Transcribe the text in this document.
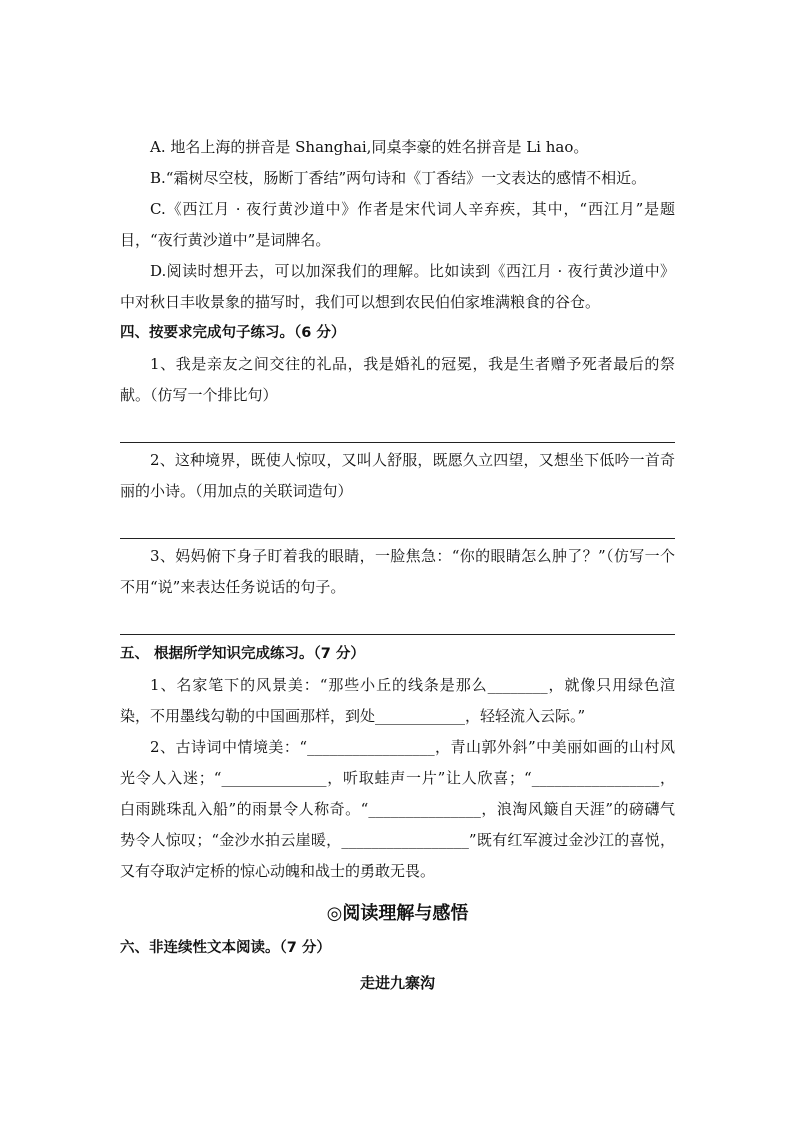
A. 地名上海的拼音是 Shanghai,同桌李豪的姓名拼音是 Li hao。

B.“霜树尽空枝，肠断丁香结”两句诗和《丁香结》一文表达的感情不相近。

C.《西江月 · 夜行黄沙道中》作者是宋代词人辛弃疾，其中，“西江月”是题目，“夜行黄沙道中”是词牌名。

D.阅读时想开去，可以加深我们的理解。比如读到《西江月 · 夜行黄沙道中》中对秋日丰收景象的描写时，我们可以想到农民伯伯家堆满粮食的谷仓。

四、按要求完成句子练习。（6 分）

1、我是亲友之间交往的礼品，我是婚礼的冠冕，我是生者赠予死者最后的祭献。（仿写一个排比句）

2、这种境界，既使人惊叹，又叫人舒服，既愿久立四望，又想坐下低吟一首奇丽的小诗。（用加点的关联词造句）

3、妈妈俯下身子盯着我的眼睛，一脸焦急：“你的眼睛怎么肿了？”（仿写一个不用“说”来表达任务说话的句子。

五、 根据所学知识完成练习。（7 分）

1、名家笔下的风景美：“那些小丘的线条是那么________，就像只用绿色渲染，不用墨线勾勒的中国画那样，到处____________，轻轻流入云际。”

2、古诗词中情境美：“_________________，青山郭外斜”中美丽如画的山村风光令人入迷；“______________，听取蛙声一片”让人欣喜；“_________________，白雨跳珠乱入船”的雨景令人称奇。“_______________，浪淘风簸自天涯”的磅礴气势令人惊叹；“金沙水拍云崖暖，_________________”既有红军渡过金沙江的喜悦，又有夺取泸定桥的惊心动魄和战士的勇敢无畏。

◎阅读理解与感悟

六、非连续性文本阅读。（7 分）

走进九寨沟
